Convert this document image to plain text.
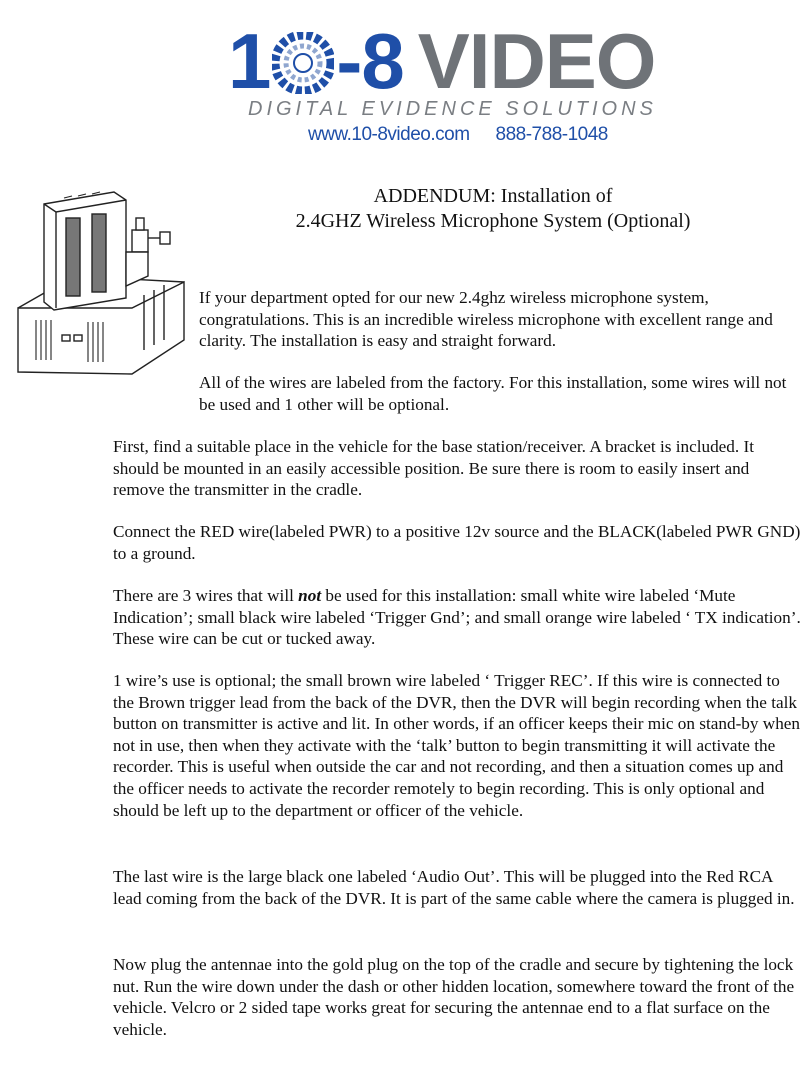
1 -8 VIDEO
DIGITAL EVIDENCE SOLUTIONS
www.10-8video.com 888-788-1048
ADDENDUM: Installation of
2.4GHZ Wireless Microphone System (Optional)

If your department opted for our new 2.4ghz wireless microphone system, congratulations. This is an incredible wireless microphone with excellent range and clarity. The installation is easy and straight forward.

All of the wires are labeled from the factory. For this installation, some wires will not be used and 1 other will be optional.

First, find a suitable place in the vehicle for the base station/receiver. A bracket is included. It should be mounted in an easily accessible position. Be sure there is room to easily insert and remove the transmitter in the cradle.

Connect the RED wire(labeled PWR) to a positive 12v source and the BLACK(labeled PWR GND) to a ground.

There are 3 wires that will not be used for this installation: small white wire labeled ‘Mute Indication’; small black wire labeled ‘Trigger Gnd’; and small orange wire labeled ‘ TX indication’. These wire can be cut or tucked away.

1 wire’s use is optional; the small brown wire labeled ‘ Trigger REC’. If this wire is connected to the Brown trigger lead from the back of the DVR, then the DVR will begin recording when the talk button on transmitter is active and lit. In other words, if an officer keeps their mic on stand-by when not in use, then when they activate with the ‘talk’ button to begin transmitting it will activate the recorder. This is useful when outside the car and not recording, and then a situation comes up and the officer needs to activate the recorder remotely to begin recording. This is only optional and should be left up to the department or officer of the vehicle.

The last wire is the large black one labeled ‘Audio Out’. This will be plugged into the Red RCA lead coming from the back of the DVR. It is part of the same cable where the camera is plugged in.

Now plug the antennae into the gold plug on the top of the cradle and secure by tightening the lock nut. Run the wire down under the dash or other hidden location, somewhere toward the front of the vehicle. Velcro or 2 sided tape works great for securing the antennae end to a flat surface on the vehicle.
